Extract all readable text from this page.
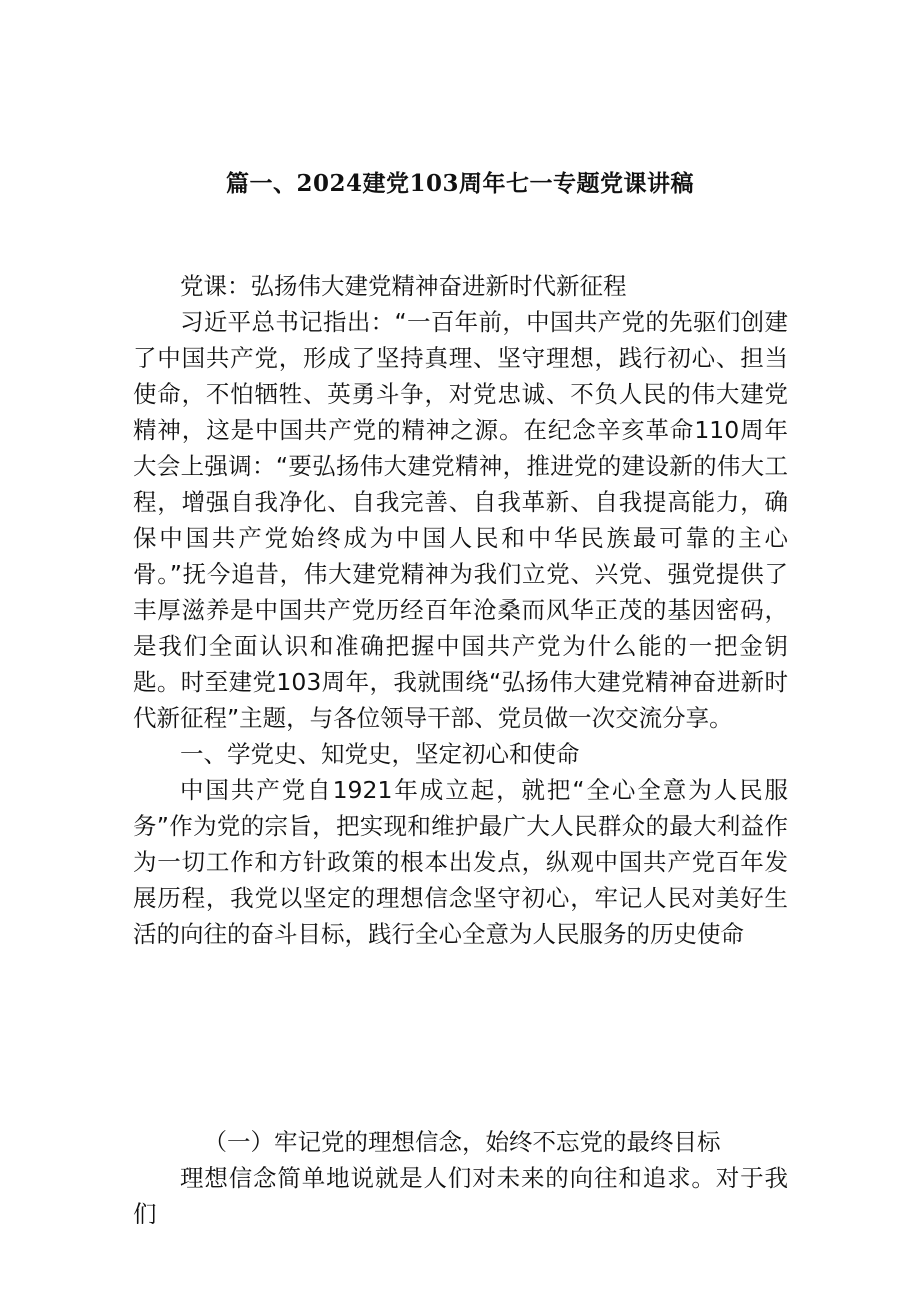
篇一、2024建党103周年七一专题党课讲稿

党课：弘扬伟大建党精神奋进新时代新征程

习近平总书记指出：“一百年前，中国共产党的先驱们创建了中国共产党，形成了坚持真理、坚守理想，践行初心、担当使命，不怕牺牲、英勇斗争，对党忠诚、不负人民的伟大建党精神，这是中国共产党的精神之源。在纪念辛亥革命110周年大会上强调：“要弘扬伟大建党精神，推进党的建设新的伟大工程，增强自我净化、自我完善、自我革新、自我提高能力，确保中国共产党始终成为中国人民和中华民族最可靠的主心骨。”抚今追昔，伟大建党精神为我们立党、兴党、强党提供了丰厚滋养是中国共产党历经百年沧桑而风华正茂的基因密码，是我们全面认识和准确把握中国共产党为什么能的一把金钥匙。时至建党103周年，我就围绕“弘扬伟大建党精神奋进新时代新征程”主题，与各位领导干部、党员做一次交流分享。

一、学党史、知党史，坚定初心和使命

中国共产党自1921年成立起，就把“全心全意为人民服务”作为党的宗旨，把实现和维护最广大人民群众的最大利益作为一切工作和方针政策的根本出发点，纵观中国共产党百年发展历程，我党以坚定的理想信念坚守初心，牢记人民对美好生活的向往的奋斗目标，践行全心全意为人民服务的历史使命

（一）牢记党的理想信念，始终不忘党的最终目标

理想信念简单地说就是人们对未来的向往和追求。对于我们
